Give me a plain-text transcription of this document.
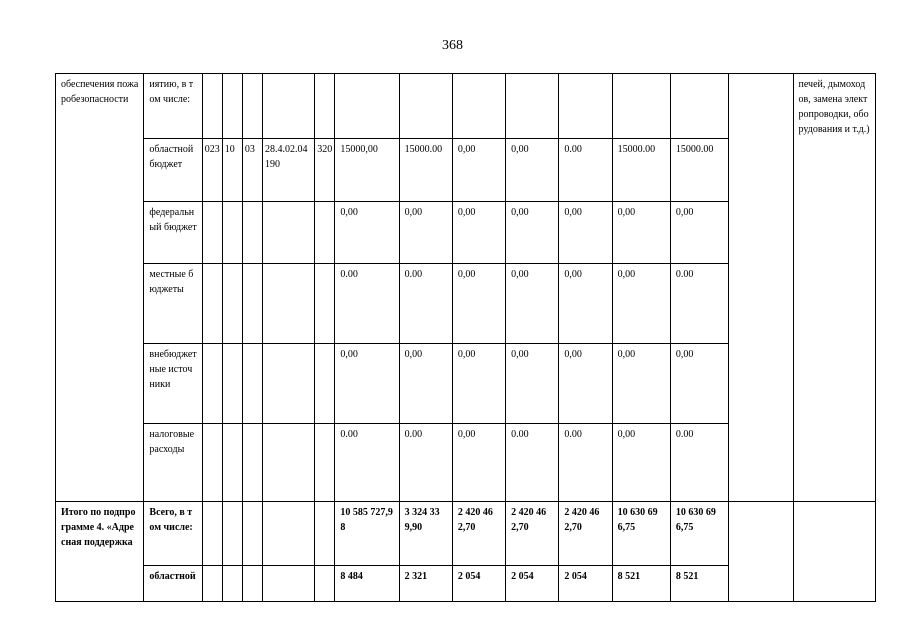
368
обеспечения пожаробезопасности	иятию, в том числе:														печей, дымоходов, замена электропроводки, оборудования и т.д.)
	областной бюджет	023	10	03	28.4.02.04190	320	15000,00	15000.00	0,00	0,00	0.00	15000.00	15000.00		
	федеральный бюджет						0,00	0,00	0,00	0,00	0,00	0,00	0,00		
	местные бюджеты						0.00	0.00	0,00	0,00	0,00	0,00	0.00		
	внебюджетные источники						0,00	0,00	0,00	0,00	0,00	0,00	0,00		
	налоговые расходы						0.00	0.00	0,00	0.00	0.00	0,00	0.00		
Итого по подпрограмме 4. «Адресная поддержка	Всего, в том числе:						10 585 727,98	3 324 339,90	2 420 462,70	2 420 462,70	2 420 462,70	10 630 696,75	10 630 696,75		
	областной						8 484	2 321	2 054	2 054	2 054	8 521	8 521		
